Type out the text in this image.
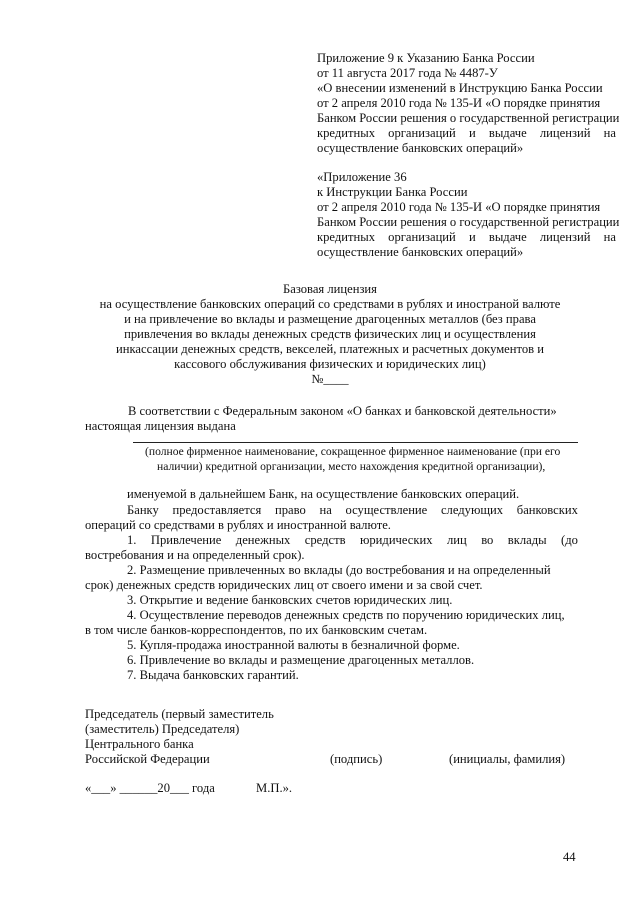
Приложение 9 к Указанию Банка России

от 11 августа 2017 года № 4487-У

«О внесении изменений в Инструкцию Банка России

от 2 апреля 2010 года № 135-И «О порядке принятия

Банком России решения о государственной регистрации

кредитных организаций и выдаче лицензий на

осуществление банковских операций»

«Приложение 36

к Инструкции Банка России

от 2 апреля 2010 года № 135-И «О порядке принятия

Банком России решения о государственной регистрации

кредитных организаций и выдаче лицензий на

осуществление банковских операций»

Базовая лицензия

на осуществление банковских операций со средствами в рублях и иностраной валюте

и на привлечение во вклады и размещение драгоценных металлов (без права

привлечения во вклады денежных средств физических лиц и осуществления

инкассации денежных средств, векселей, платежных и расчетных документов и

кассового обслуживания физических и юридических лиц)

№____

В соответствии с Федеральным законом «О банках и банковской деятельности»

настоящая лицензия выдана

(полное фирменное наименование, сокращенное фирменное наименование (при его

наличии) кредитной организации, место нахождения кредитной организации),

именуемой в дальнейшем Банк, на осуществление банковских операций.

Банку предоставляется право на осуществление следующих банковских

операций со средствами в рублях и иностранной валюте.

1. Привлечение денежных средств юридических лиц во вклады (до

востребования и на определенный срок).

2. Размещение привлеченных во вклады (до востребования и на определенный

срок) денежных средств юридических лиц от своего имени и за свой счет.

3. Открытие и ведение банковских счетов юридических лиц.

4. Осуществление переводов денежных средств по поручению юридических лиц,

в том числе банков-корреспондентов, по их банковским счетам.

5. Купля-продажа иностранной валюты в безналичной форме.

6. Привлечение во вклады и размещение драгоценных металлов.

7. Выдача банковских гарантий.

Председатель (первый заместитель

(заместитель) Председателя)

Центрального банка

Российской Федерации	(подпись)	(инициалы, фамилия)

«___» ______20___ года	М.П.».

44
